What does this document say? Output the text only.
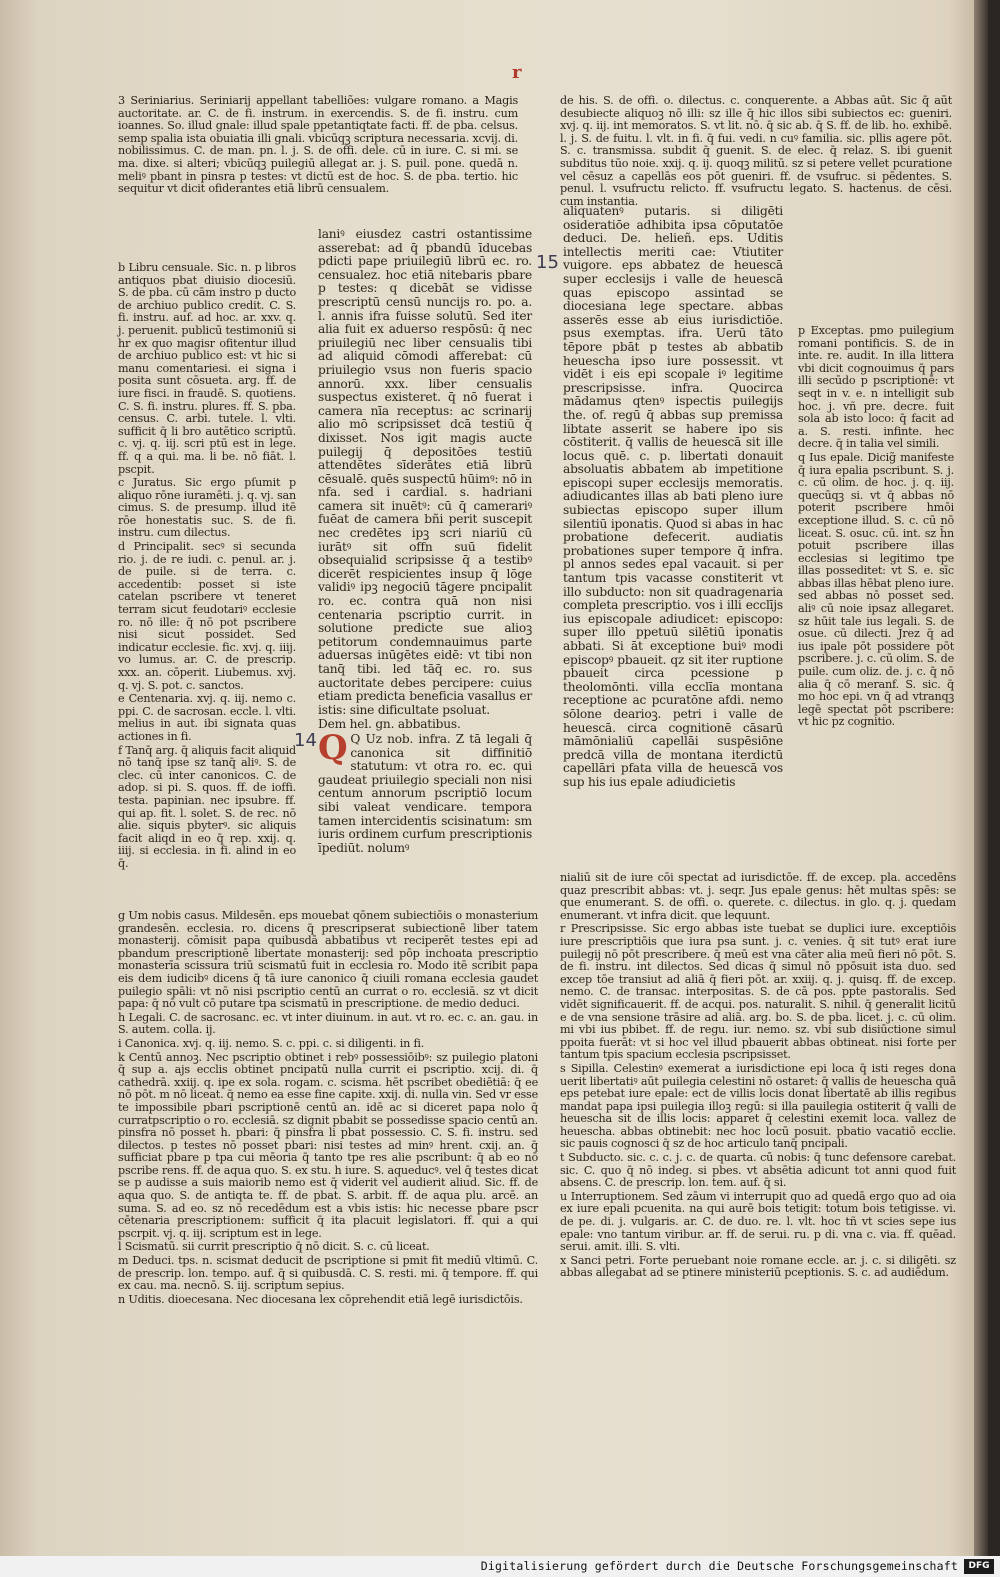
r

3 Seriniarius. Seriniarij appellant tabelliões: vulgare romano. a Magis auctoritate. ar. C. de fi. instrum. in exercendis. S. de fi. instru. cum ioannes. So. illud gnale: illud spale ppetantiqtate facti. ff. de pba. celsus. semp spalia ista obuiatia illi gnali. vbicūqꝫ scriptura necessaria. xcvij. di. nobilissimus. C. de man. pn. l. j. S. de offi. dele. cū in iure. C. si mi. se ma. dixe. si alteri; vbicūqꝫ puilegiū allegat ar. j. S. puil. pone. quedā n. meliꝰ pbant in pinsra p testes: vt dictū est de hoc. S. de pba. tertio. hic sequitur vt dicit ofiderantes etiā librū censualem.

b Libru censuale. Sic. n. p libros antiquos pbat diuisio diocesiū. S. de pba. cū cām instro p ducto de archiuo publico credit. C. S. fi. instru. auf. ad hoc. ar. xxv. q. j. peruenit. publicū testimoniū si hr ex quo magisr ofitentur illud de archiuo publico est: vt hic si manu comentariesi. ei signa i posita sunt cōsueta. arg. ff. de iure fisci. in fraudē. S. quotiens. C. S. fi. instru. plures. ff. S. pba. census. C. arbi. tutele. l. vlti. sufficit q̄ li bro autētico scriptū. c. vj. q. iij. scri ptū est in lege. ff. q a qui. ma. li be. nō fiāt. l. pscpit.

c Juratus. Sic ergo pſumit p aliquo rōne iuramēti. j. q. vj. san cimus. S. de presump. illud itē rōe honestatis suc. S. de fi. instru. cum dilectus.

d Principalit. secꝰ si secunda rio. j. de re iudi. c. penul. ar. j. de puile. si de terra. c. accedentib: posset si iste catelan pscribere vt teneret terram sicut feudotariꝰ ecclesie ro. nō ille: q̄ nō pot pscribere nisi sicut possidet. Sed indicatur ecclesie. fic. xvj. q. iiij. vo lumus. ar. C. de prescrip. xxx. an. cōperit. Liubemus. xvj. q. vj. S. pot. c. sanctos.

e Centenaria. xvj. q. iij. nemo c. ppi. C. de sacrosan. eccle. l. vlti. melius in aut. ibi signata quas actiones in fi.

f Tanq̄ arg. q̄ aliquis facit aliquid nō tanq̄ ipse sz tanq̄ aliꝰ. S. de clec. cū inter canonicos. C. de adop. si pi. S. quos. ff. de ioffi. testa. papinian. nec ipsubre. ff. qui ap. fit. l. solet. S. de rec. nō alie. siquis pbyterꝰ. sic aliquis facit aliqd in eo q̄ rep. xxij. q. iiij. si ecclesia. in fi. alind in eo q̄.

laniꝰ eiusdez castri ostantissime asserebat: ad q̄ pbandū īducebas pdicti pape priuilegiū librū ec. ro. censualez. hoc etiā nitebaris pbare p testes: q dicebāt se vidisse prescriptū censū nuncijs ro. po. a. l. annis ifra fuisse solutū. Sed iter alia fuit ex aduerso respōsū: q̄ nec priuilegiū nec liber censualis tibi ad aliquid cōmodi afferebat: cū priuilegio vsus non fueris spacio annorū. xxx. liber censualis suspectus existeret. q̄ nō fuerat i camera nīa receptus: ac scrinarij alio mō scripsisset dcā testiū q̄ dixisset. Nos igit magis aucte puilegij q̄ depositōes testiū attendētes sīderātes etiā librū cēsualē. quēs suspectū hūimꝰ: nō in nfa. sed i cardial. s. hadriani camera sit inuētꝰ: cū q̄ camerariꝰ fuēat de camera bñi perit suscepit nec credētes ipꝫ scri niariū cū iurātꝰ sit offn suū fidelit obsequialid scripsisse q̄ a testibꝰ dicerēt respicientes insup q̄ lōge validiꝰ ipꝫ negociū tāgere pncipalit ro. ec. contra quā non nisi centenaria pscriptio currit. in solutione predicte sue alioꝫ petitorum condemnauimus parte aduersas inūgētes eidē: vt tibi non tanq̄ tibi. led tāq̄ ec. ro. sus auctoritate debes percipere: cuius etiam predicta beneficia vasallus er istis: sine dificultate psoluat.

Dem hel. gn. abbatibus.

Q Q Uz nob. infra. Z tā legali q̄ canonica sit diffinitiō statutum: vt otra ro. ec. qui gaudeat priuilegio speciali non nisi centum annorum pscriptiō locum sibi valeat vendicare. tempora tamen intercidentis scisinatum: sm iuris ordinem curfum prescriptionis īpediūt. nolumꝰ

15
14

g Um nobis casus. Mildesēn. eps mouebat qōnem subiectiōis o monasterium grandesēn. ecclesia. ro. dicens q̄ prescripserat subiectionē liber tatem monasterij. cōmisit papa quibusdā abbatibus vt reciperēt testes epi ad pbandum prescriptionē libertate monasterij: sed pōp inchoata prescriptio monasterīa scissura triū scismatū fuit in ecclesia ro. Modo itē scribit papa eis dem iudicibꝰ dicens q̄ tā iure canonico q̄ ciuili romana ecclesia gaudet puilegio spāli: vt nō nisi pscriptio centū an currat o ro. ecclesiā. sz vt dicit papa: q̄ nō vult cō putare tpa scismatū in prescriptione. de medio deduci.

h Legali. C. de sacrosanc. ec. vt inter diuinum. in aut. vt ro. ec. c. an. gau. in S. autem. colla. ij.

i Canonica. xvj. q. iij. nemo. S. c. ppi. c. si diligenti. in fi.

k Centū annoꝫ. Nec pscriptio obtinet i rebꝰ possessiōibꝰ: sz puilegio platoni q̄ sup a. ajs ecclis obtinet pncipatū nulla currit ei pscriptio. xcij. di. q̄ cathedrā. xxiij. q. ipe ex sola. rogam. c. scisma. hēt pscribet obediētiā: q̄ ee nō pōt. m nō liceat. q̄ nemo ea esse fine capite. xxij. di. nulla vin. Sed vr esse te impossibile pbari pscriptionē centū an. idē ac si diceret papa nolo q̄ curratpscriptio o ro. ecclesiā. sz dignit pbabit se possedisse spacio centū an. pinsfra nō posset h. pbari: q̄ pinsfra li pbat possessio. C. S. fi. instru. sed dilectos. p testes nō posset pbari: nisi testes ad minꝰ hrent. cxij. an. q̄ sufficiat pbare p tpa cui mēoria q̄ tanto tpe res alie pscribunt: q̄ ab eo nō pscribe rens. ff. de aqua quo. S. ex stu. h iure. S. aqueducꝰ. vel q̄ testes dicat se p audisse a suis maiorib nemo est q̄ viderit vel audierit aliud. Sic. ff. de aqua quo. S. de antiqta te. ff. de pbat. S. arbit. ff. de aqua plu. arcē. an suma. S. ad eo. sz nō recedēdum est a vbis istis: hic necesse pbare pscr cētenaria prescriptionem: sufficit q̄ ita placuit legislatori. ff. qui a qui pscrpit. vj. q. iij. scriptum est in lege.

l Scismatū. sii currit prescriptio q̄ nō dicit. S. c. cū liceat.

m Deduci. tps. n. scismat deducit de pscriptione si pmit fit mediū vltimū. C. de prescrip. lon. tempo. auf. q̄ si quibusdā. C. S. resti. mi. q̄ tempore. ff. qui ex cau. ma. necnō. S. iij. scriptum sepius.

n Uditis. dioecesana. Nec diocesana lex cōprehendit etiā legē iurisdictōis.

de his. S. de offi. o. dilectus. c. conquerente. a Abbas aūt. Sic q̄ aūt desubiecte aliquoꝫ nō illi: sz ille q̄ hic illos sibi subiectos ec: gueniri. xvj. q. iij. int memoratos. S. vt lit. nō. q̄ sic ab. q̄ S. ff. de lib. ho. exhibē. l. j. S. de fuitu. l. vlt. in fi. q̄ fui. vedi. n cuꝰ familia. sic. pllis agere pōt. S. c. transmissa. subdit q̄ guenit. S. de elec. q̄ relaz. S. ibi guenit subditus tūo noie. xxij. q. ij. quoqꝫ militū. sz si petere vellet pcuratione vel cēsuz a capellās eos pōt gueniri. ff. de vsufruc. si pēdentes. S. penul. l. vsufructu relicto. ff. vsufructu legato. S. hactenus. de cēsi. cum instantia.

aliquatenꝰ putaris. si diligēti osideratiōe adhibita ipsa cōputatōe deduci. De. helieñ. eps. Uditis intellectis meriti cae: Vtiutiter vuigore. eps abbatez de heuescā super ecclesijs i valle de heuescā quas episcopo assintad se diocesiana lege spectare. abbas asserēs esse ab eius iurisdictiōe. psus exemptas. ifra. Uerū tāto tēpore pbāt p testes ab abbatib heuescha ipso iure possessit. vt vidēt i eis epi scopale iꝰ legitime prescripsisse. infra. Quocirca mādamus qtenꝰ ispectis puilegijs the. of. regū q̄ abbas sup premissa libtate asserit se habere ipo sis cōstiterit. q̄ vallis de heuescā sit ille locus quē. c. p. libertati donauit absoluatis abbatem ab impetitione episcopi super ecclesijs memoratis. adiudicantes illas ab bati pleno iure subiectas episcopo super illum silentiū iponatis. Quod si abas in hac probatione defecerit. audiatis probationes super tempore q̄ infra. pl annos sedes epal vacauit. si per tantum tpis vacasse constiterit vt illo subducto: non sit quadragenaria completa prescriptio. vos i illi ecclījs ius episcopale adiudicet: episcopo: super illo ppetuū silētiū iponatis abbati. Si āt exceptione buiꝰ modi episcopꝰ pbaueit. qz sit iter ruptione pbaueit circa pcessione p theolomōnti. villa ecclīa montana receptione ac pcuratōne afdi. nemo sōlone dearioꝫ. petri i valle de heuescā. circa cognitionē cāsarū māmōnialiū capellāi suspēsiōne predcā villa de montana iterdictū capellāri pfata villa de heuescā vos sup his ius epale adiudicietis

p Exceptas. pmo puilegium romani pontificis. S. de in inte. re. audit. In illa littera vbi dicit cognouimus q̄ pars illi secūdo p pscriptionē: vt seqt in v. e. n intelligit sub hoc. j. vñ pre. decre. fuit sola ab isto loco: q̄ facit ad a. S. resti. infinte. hec decre. q̄ in talia vel simili.

q Ius epale. Dicig̃ manifeste q̄ iura epalia pscribunt. S. j. c. cū olim. de hoc. j. q. iij. quecūqꝫ si. vt q̄ abbas nō poterit pscribere hmōi exceptione illud. S. c. cū nō liceat. S. osuc. cū. int. sz h̄n potuit pscribere illas ecclesias si legitimo tpe illas posseditet: vt S. e. sīc abbas illas hēbat pleno iure. sed abbas nō posset sed. aliꝰ cū noie ipsaz allegaret. sz hūit tale ius legali. S. de osue. cū dilecti. Jrez q̄ ad ius ipale pōt possidere pōt pscribere. j. c. cū olim. S. de puile. cum oliz. de. j. c. q̄ nō alia q̄ cō meranf. S. sic. q̄ mo hoc epi. vn q̄ ad vtranqꝫ legē spectat pōt pscribere: vt hic pz cognitio.

nialiū sit de iure cōi spectat ad iurisdictōe. ff. de excep. pla. accedēns quaz prescribit abbas: vt. j. seqr. Jus epale genus: hēt multas spēs: se que enumerant. S. de offi. o. querete. c. dilectus. in glo. q. j. quedam enumerant. vt infra dicit. que lequunt.

r Prescripsisse. Sic ergo abbas iste tuebat se duplici iure. exceptiōis iure prescriptiōis que iura psa sunt. j. c. venies. q̄ sit tutꝰ erat iure puilegij nō pōt prescribere. q̄ meū est vna cāter alia meū fieri nō pōt. S. de fi. instru. int dilectos. Sed dicas q̄ simul nō ppōsuit ista duo. sed excep tōe transiut ad aliā q̄ fieri pōt. ar. xxiij. q. j. quisq. ff. de excep. nemo. C. de transac. interpositas. S. de cā pos. ppte pastoralis. Sed vidēt significauerit. ff. de acqui. pos. naturalit. S. nihil. q̄ generalit licitū e de vna sensione trāsire ad aliā. arg. bo. S. de pba. licet. j. c. cū olim. mi vbi ius pbibet. ff. de regu. iur. nemo. sz. vbi sub disiūctione simul ppoita fuerāt: vt si hoc vel illud pbauerit abbas obtineat. nisi forte per tantum tpis spacium ecclesia pscripsisset.

s Sipilla. Celestinꝰ exemerat a iurisdictione epi loca q̄ isti reges dona uerit libertatiꝰ aūt puilegia celestini nō ostaret: q̄ vallis de heuescha quā eps petebat iure epale: ect de villis locis donat libertatē ab illis regibus mandat papa ipsi puilegia illoꝫ regū: si illa pauilegia ostiterit q̄ valli de heuescha sit de illis locis: apparet q̄ celestini exemit loca. vallez de heuescha. abbas obtinebit: nec hoc locū posuit. pbatio vacatiō ecclie. sic pauis cognosci q̄ sz de hoc articulo tanq̄ pncipali.

t Subducto. sic. c. c. j. c. de quarta. cū nobis: q̄ tunc defensore carebat. sic. C. quo q̄ nō indeg. si pbes. vt absētia adicunt tot anni quod fuit absens. C. de prescrip. lon. tem. auf. q̄ si.

u Interruptionem. Sed zāum vi interrupit quo ad quedā ergo quo ad oia ex iure epali pcuenita. na qui aurē bois tetigit: totum bois tetigisse. vi. de pe. di. j. vulgaris. ar. C. de duo. re. l. vlt. hoc tñ vt scies sepe ius epale: vno tantum viribur. ar. ff. de serui. ru. p di. vna c. via. ff. quēad. serui. amit. illi. S. vlti.

x Sanci petri. Forte peruebant noie romane eccle. ar. j. c. si diligēti. sz abbas allegabat ad se ptinere ministeriū pceptionis. S. c. ad audiēdum.

Digitalisierung gefördert durch die Deutsche Forschungsgemeinschaft	DFG
